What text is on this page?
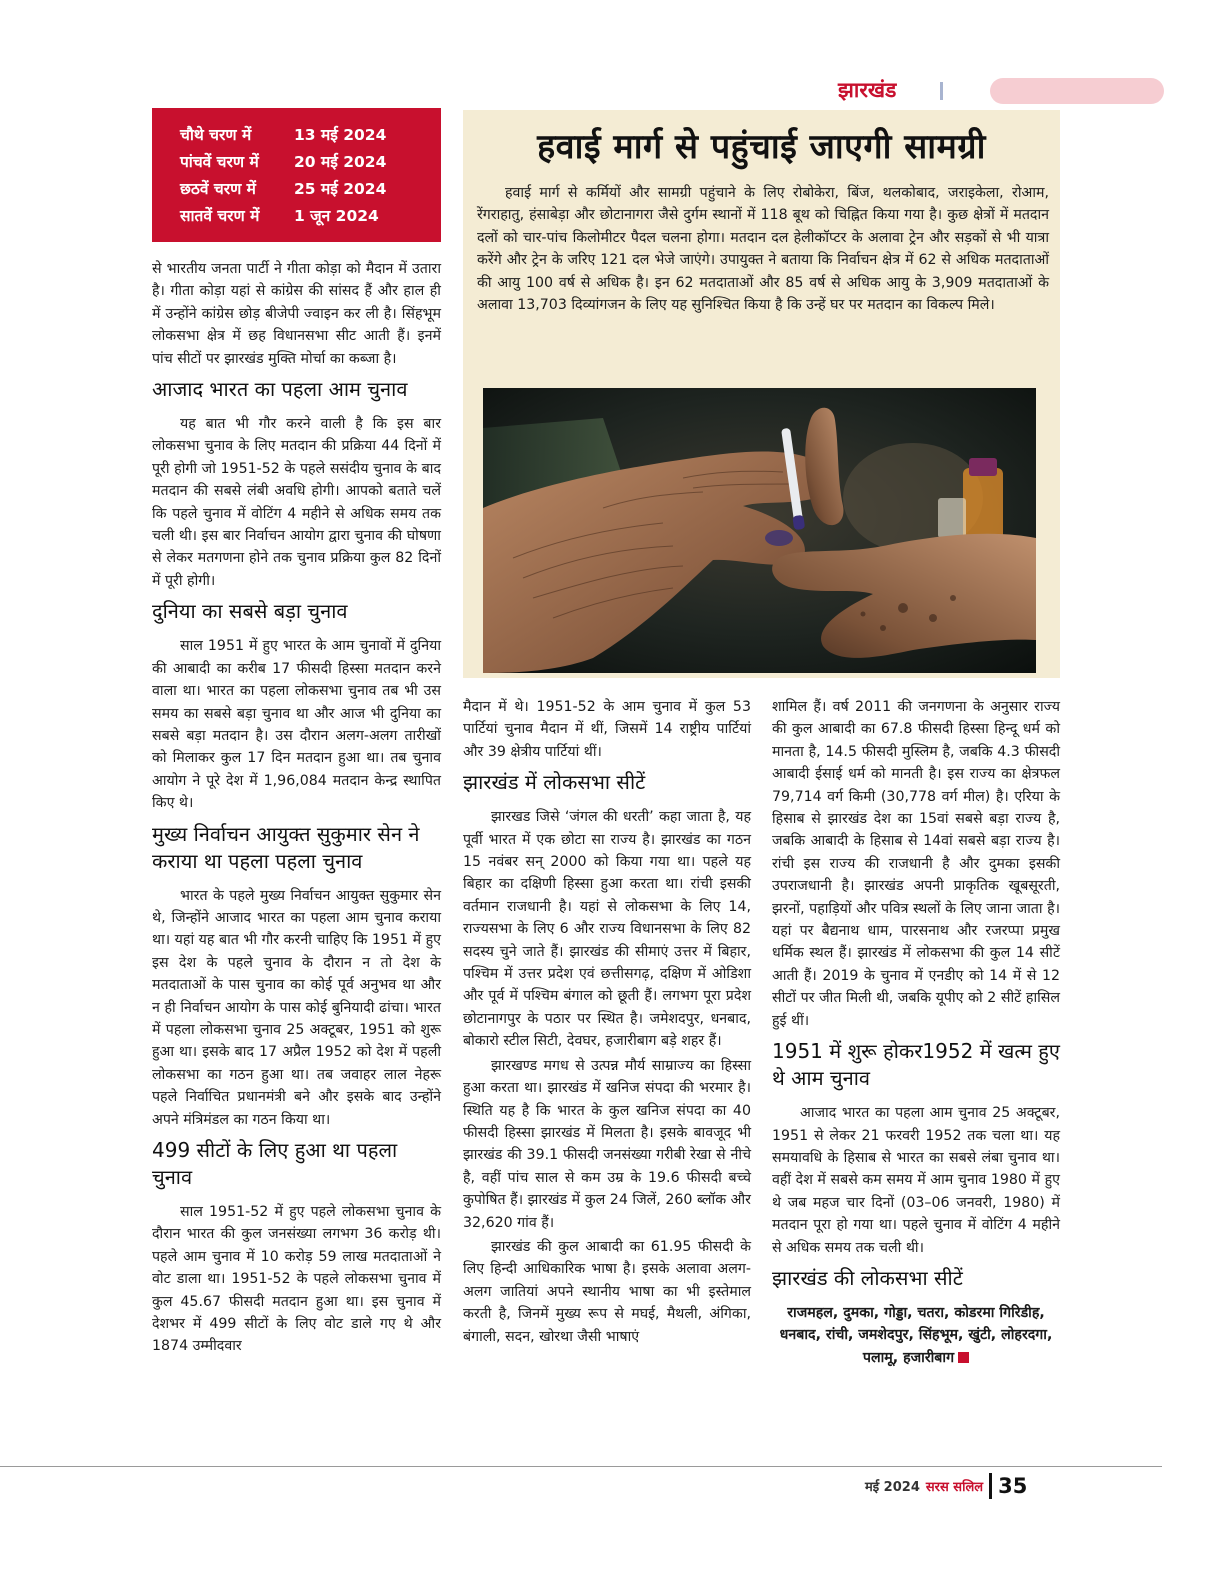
झारखंड
चौथे चरण में	13 मई 2024
पांचवें चरण में	20 मई 2024
छठवें चरण में	25 मई 2024
सातवें चरण में	1 जून 2024

से भारतीय जनता पार्टी ने गीता कोड़ा को मैदान में उतारा है। गीता कोड़ा यहां से कांग्रेस की सांसद हैं और हाल ही में उन्होंने कांग्रेस छोड़ बीजेपी ज्वाइन कर ली है। सिंहभूम लोकसभा क्षेत्र में छह विधानसभा सीट आती हैं। इनमें पांच सीटों पर झारखंड मुक्ति मोर्चा का कब्जा है।

आजाद भारत का पहला आम चुनाव

यह बात भी गौर करने वाली है कि इस बार लोकसभा चुनाव के लिए मतदान की प्रक्रिया 44 दिनों में पूरी होगी जो 1951-52 के पहले ससंदीय चुनाव के बाद मतदान की सबसे लंबी अवधि होगी। आपको बताते चलें कि पहले चुनाव में वोटिंग 4 महीने से अधिक समय तक चली थी। इस बार निर्वाचन आयोग द्वारा चुनाव की घोषणा से लेकर मतगणना होने तक चुनाव प्रक्रिया कुल 82 दिनों में पूरी होगी।

दुनिया का सबसे बड़ा चुनाव

साल 1951 में हुए भारत के आम चुनावों में दुनिया की आबादी का करीब 17 फीसदी हिस्सा मतदान करने वाला था। भारत का पहला लोकसभा चुनाव तब भी उस समय का सबसे बड़ा चुनाव था और आज भी दुनिया का सबसे बड़ा मतदान है। उस दौरान अलग-अलग तारीखों को मिलाकर कुल 17 दिन मतदान हुआ था। तब चुनाव आयोग ने पूरे देश में 1,96,084 मतदान केन्द्र स्थापित किए थे।

मुख्य निर्वाचन आयुक्त सुकुमार सेन ने कराया था पहला पहला चुनाव

भारत के पहले मुख्य निर्वाचन आयुक्त सुकुमार सेन थे, जिन्होंने आजाद भारत का पहला आम चुनाव कराया था। यहां यह बात भी गौर करनी चाहिए कि 1951 में हुए इस देश के पहले चुनाव के दौरान न तो देश के मतदाताओं के पास चुनाव का कोई पूर्व अनुभव था और न ही निर्वाचन आयोग के पास कोई बुनियादी ढांचा। भारत में पहला लोकसभा चुनाव 25 अक्टूबर, 1951 को शुरू हुआ था। इसके बाद 17 अप्रैल 1952 को देश में पहली लोकसभा का गठन हुआ था। तब जवाहर लाल नेहरू पहले निर्वाचित प्रधानमंत्री बने और इसके बाद उन्होंने अपने मंत्रिमंडल का गठन किया था।

499 सीटों के लिए हुआ था पहला चुनाव

साल 1951-52 में हुए पहले लोकसभा चुनाव के दौरान भारत की कुल जनसंख्या लगभग 36 करोड़ थी। पहले आम चुनाव में 10 करोड़ 59 लाख मतदाताओं ने वोट डाला था। 1951-52 के पहले लोकसभा चुनाव में कुल 45.67 फीसदी मतदान हुआ था। इस चुनाव में देशभर में 499 सीटों के लिए वोट डाले गए थे और 1874 उम्मीदवार

हवाई मार्ग से पहुंचाई जाएगी सामग्री
हवाई मार्ग से कर्मियों और सामग्री पहुंचाने के लिए रोबोकेरा, बिंज, थलकोबाद, जराइकेला, रोआम, रेंगराहातु, हंसाबेड़ा और छोटानागरा जैसे दुर्गम स्थानों में 118 बूथ को चिह्नित किया गया है। कुछ क्षेत्रों में मतदान दलों को चार-पांच किलोमीटर पैदल चलना होगा। मतदान दल हेलीकॉप्टर के अलावा ट्रेन और सड़कों से भी यात्रा करेंगे और ट्रेन के जरिए 121 दल भेजे जाएंगे। उपायुक्त ने बताया कि निर्वाचन क्षेत्र में 62 से अधिक मतदाताओं की आयु 100 वर्ष से अधिक है। इन 62 मतदाताओं और 85 वर्ष से अधिक आयु के 3,909 मतदाताओं के अलावा 13,703 दिव्यांगजन के लिए यह सुनिश्चित किया है कि उन्हें घर पर मतदान का विकल्प मिले।

मैदान में थे। 1951-52 के आम चुनाव में कुल 53 पार्टियां चुनाव मैदान में थीं, जिसमें 14 राष्ट्रीय पार्टियां और 39 क्षेत्रीय पार्टियां थीं।

झारखंड में लोकसभा सीटें

झारखड जिसे ‘जंगल की धरती’ कहा जाता है, यह पूर्वी भारत में एक छोटा सा राज्य है। झारखंड का गठन 15 नवंबर सन् 2000 को किया गया था। पहले यह बिहार का दक्षिणी हिस्सा हुआ करता था। रांची इसकी वर्तमान राजधानी है। यहां से लोकसभा के लिए 14, राज्यसभा के लिए 6 और राज्य विधानसभा के लिए 82 सदस्य चुने जाते हैं। झारखंड की सीमाएं उत्तर में बिहार, पश्चिम में उत्तर प्रदेश एवं छत्तीसगढ़, दक्षिण में ओडिशा और पूर्व में पश्चिम बंगाल को छूती हैं। लगभग पूरा प्रदेश छोटानागपुर के पठार पर स्थित है। जमेशदपुर, धनबाद, बोकारो स्टील सिटी, देवघर, हजारीबाग बड़े शहर हैं।

झारखण्ड मगध से उत्पन्न मौर्य साम्राज्य का हिस्सा हुआ करता था। झारखंड में खनिज संपदा की भरमार है। स्थिति यह है कि भारत के कुल खनिज संपदा का 40 फीसदी हिस्सा झारखंड में मिलता है। इसके बावजूद भी झारखंड की 39.1 फीसदी जनसंख्या गरीबी रेखा से नीचे है, वहीं पांच साल से कम उम्र के 19.6 फीसदी बच्चे कुपोषित हैं। झारखंड में कुल 24 जिलें, 260 ब्लॉक और 32,620 गांव हैं।

झारखंड की कुल आबादी का 61.95 फीसदी के लिए हिन्दी आधिकारिक भाषा है। इसके अलावा अलग-अलग जातियां अपने स्थानीय भाषा का भी इस्तेमाल करती है, जिनमें मुख्य रूप से मघई, मैथली, अंगिका, बंगाली, सदन, खोरथा जैसी भाषाएं

शामिल हैं। वर्ष 2011 की जनगणना के अनुसार राज्य की कुल आबादी का 67.8 फीसदी हिस्सा हिन्दू धर्म को मानता है, 14.5 फीसदी मुस्लिम है, जबकि 4.3 फीसदी आबादी ईसाई धर्म को मानती है। इस राज्य का क्षेत्रफल 79,714 वर्ग किमी (30,778 वर्ग मील) है। एरिया के हिसाब से झारखंड देश का 15वां सबसे बड़ा राज्य है, जबकि आबादी के हिसाब से 14वां सबसे बड़ा राज्य है। रांची इस राज्य की राजधानी है और दुमका इसकी उपराजधानी है। झारखंड अपनी प्राकृतिक खूबसूरती, झरनों, पहाड़ियों और पवित्र स्थलों के लिए जाना जाता है। यहां पर बैद्यनाथ धाम, पारसनाथ और रजरप्पा प्रमुख धर्मिक स्थल हैं। झारखंड में लोकसभा की कुल 14 सीटें आती हैं। 2019 के चुनाव में एनडीए को 14 में से 12 सीटों पर जीत मिली थी, जबकि यूपीए को 2 सीटें हासिल हुई थीं।

1951 में शुरू होकर1952 में खत्म हुए थे आम चुनाव

आजाद भारत का पहला आम चुनाव 25 अक्टूबर, 1951 से लेकर 21 फरवरी 1952 तक चला था। यह समयावधि के हिसाब से भारत का सबसे लंबा चुनाव था। वहीं देश में सबसे कम समय में आम चुनाव 1980 में हुए थे जब महज चार दिनों (03–06 जनवरी, 1980) में मतदान पूरा हो गया था। पहले चुनाव में वोटिंग 4 महीने से अधिक समय तक चली थी।

झारखंड की लोकसभा सीटें

राजमहल, दुमका, गोड्डा, चतरा, कोडरमा गिरिडीह, धनबाद, रांची, जमशेदपुर, सिंहभूम, खुंटी, लोहरदगा, पलामू, हजारीबाग

मई 2024 सरस सलिल 35
